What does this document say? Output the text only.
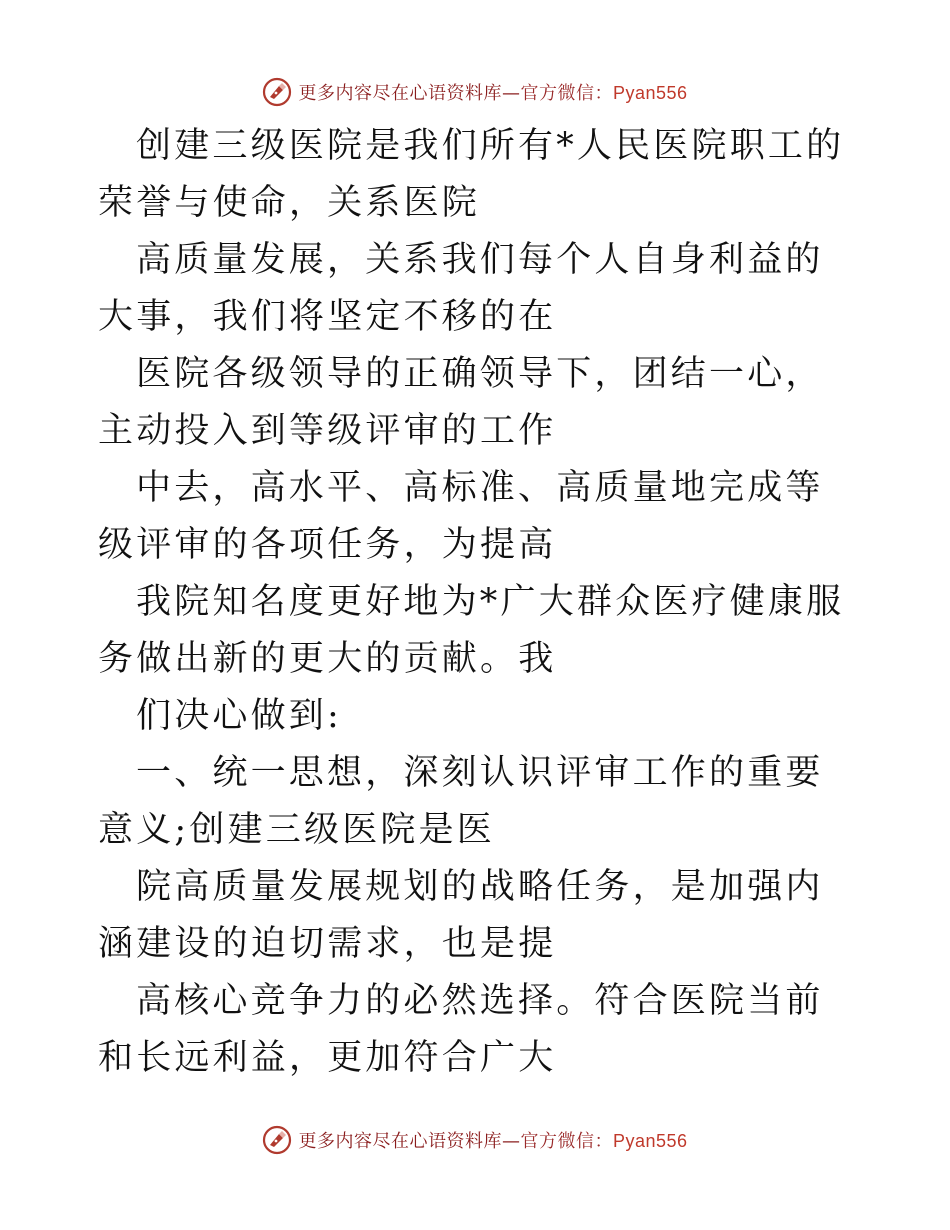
更多内容尽在心语资料库—官方微信：Pyan556

创建三级医院是我们所有*人民医院职工的荣誉与使命，关系医院

高质量发展，关系我们每个人自身利益的大事，我们将坚定不移的在

医院各级领导的正确领导下，团结一心，主动投入到等级评审的工作

中去，高水平、高标准、高质量地完成等级评审的各项任务，为提高

我院知名度更好地为*广大群众医疗健康服务做出新的更大的贡献。我

们决心做到:

一、统一思想，深刻认识评审工作的重要意义;创建三级医院是医

院高质量发展规划的战略任务，是加强内涵建设的迫切需求，也是提

高核心竞争力的必然选择。符合医院当前和长远利益，更加符合广大

更多内容尽在心语资料库—官方微信：Pyan556
